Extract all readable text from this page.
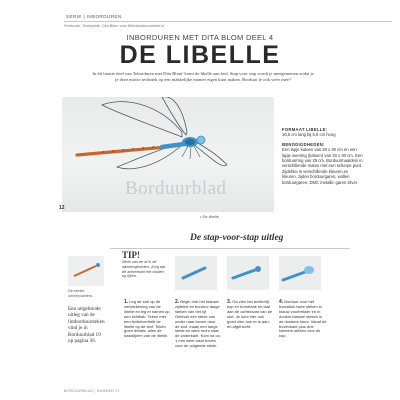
SERIE | INBORDUREN
Productie: Tinkerjade. Dita Blom voor Blomborduurwinkel.nl
INBORDUREN MET DITA BLOM DEEL 4
DE LIBELLE
In dit laatste deel van 'Inborduren met Dita Blom' komt de libelle aan bod. Stap voor stap wordt je meegenomen zodat je je deze mooie techniek op een makkelijke manier eigen kunt maken. Borduur je ook weer mee?
Borduurblad
12
• De libelle

FORMAAT LIBELLE:
16,5 cm lang bij 5,5 cm hoog

BENODIGDHEDEN:
Een lapje katoen van 30 x 30 cm en een lapje weering (katoen) van 30 x 30 cm. Een borduurring van 25 cm. Borduurmaaldein in verschillende maten met een scherpe punt. Zijdeblei in verschillende kleuren en kleuren, zijden borduurgaren, wollen borduurgaren, DMC metallic garen zilver.

De stap-voor-stap uitleg
De eerste omverpuchers.
Een uitgebreide uitleg van de lintborduursteken vind je in Borduurblad 19 op pagina 36.
TIP!
Werk van de al in de aaneengesloten. Zorg dat de achterkant het naaien op lijken.
1. Leg de stof op de werktekening van de libelle en leg er samen op een lichtbak. Teken met een textielverfstift de libelle op de stof. Teken goed details, alles de basislijnen van de libelle.
2. Begin met het blauwe zijdelint en borduur lange steken van het lijf. Gebruik een steek van onder naar boven door de stof, maak een lange steek en werk recht naar de onderkant. Kom na ca. 1 mm weer naar boven voor de volgende steek.
3. Ga zien het achterlijf, kop en borstrank en laat aan de achterkant van de stof. Je kunt hier ook goed zien hoe er is aan- en afgehecht.
4. Borduur voor het borststuk twee steken in blauw voortrekker en in donker blauwe steken in de donkere kleur. Vanaf de bovenkant plus drie kleinere steken voor de kop.
BORDUURBLAD | NUMMER 21
